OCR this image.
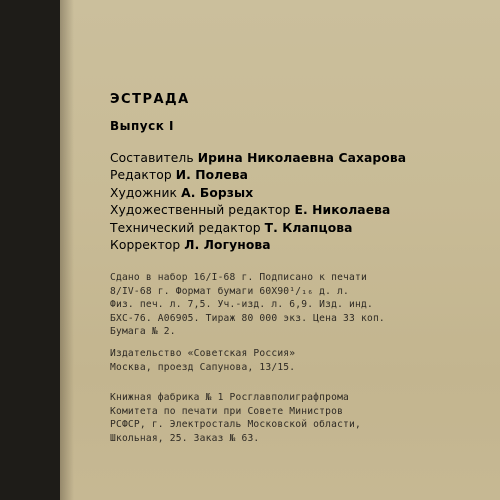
ЭСТРАДА
Выпуск I
Составитель Ирина Николаевна Сахарова
Редактор И. Полева
Художник А. Борзых
Художественный редактор Е. Николаева
Технический редактор Т. Клапцова
Корректор Л. Логунова
Сдано в набор 16/I-68 г. Подписано к печати
8/IV-68 г. Формат бумаги 60Х90¹/₁₆ д. л.
Физ. печ. л. 7,5. Уч.-изд. л. 6,9. Изд. инд.
БХС-76. А06905. Тираж 80 000 экз. Цена 33 коп.
Бумага № 2.
Издательство «Советская Россия»
Москва, проезд Сапунова, 13/15.
Книжная фабрика № 1 Росглавполиграфпрома
Комитета по печати при Совете Министров
РСФСР, г. Электросталь Московской области,
Школьная, 25. Заказ № 63.
